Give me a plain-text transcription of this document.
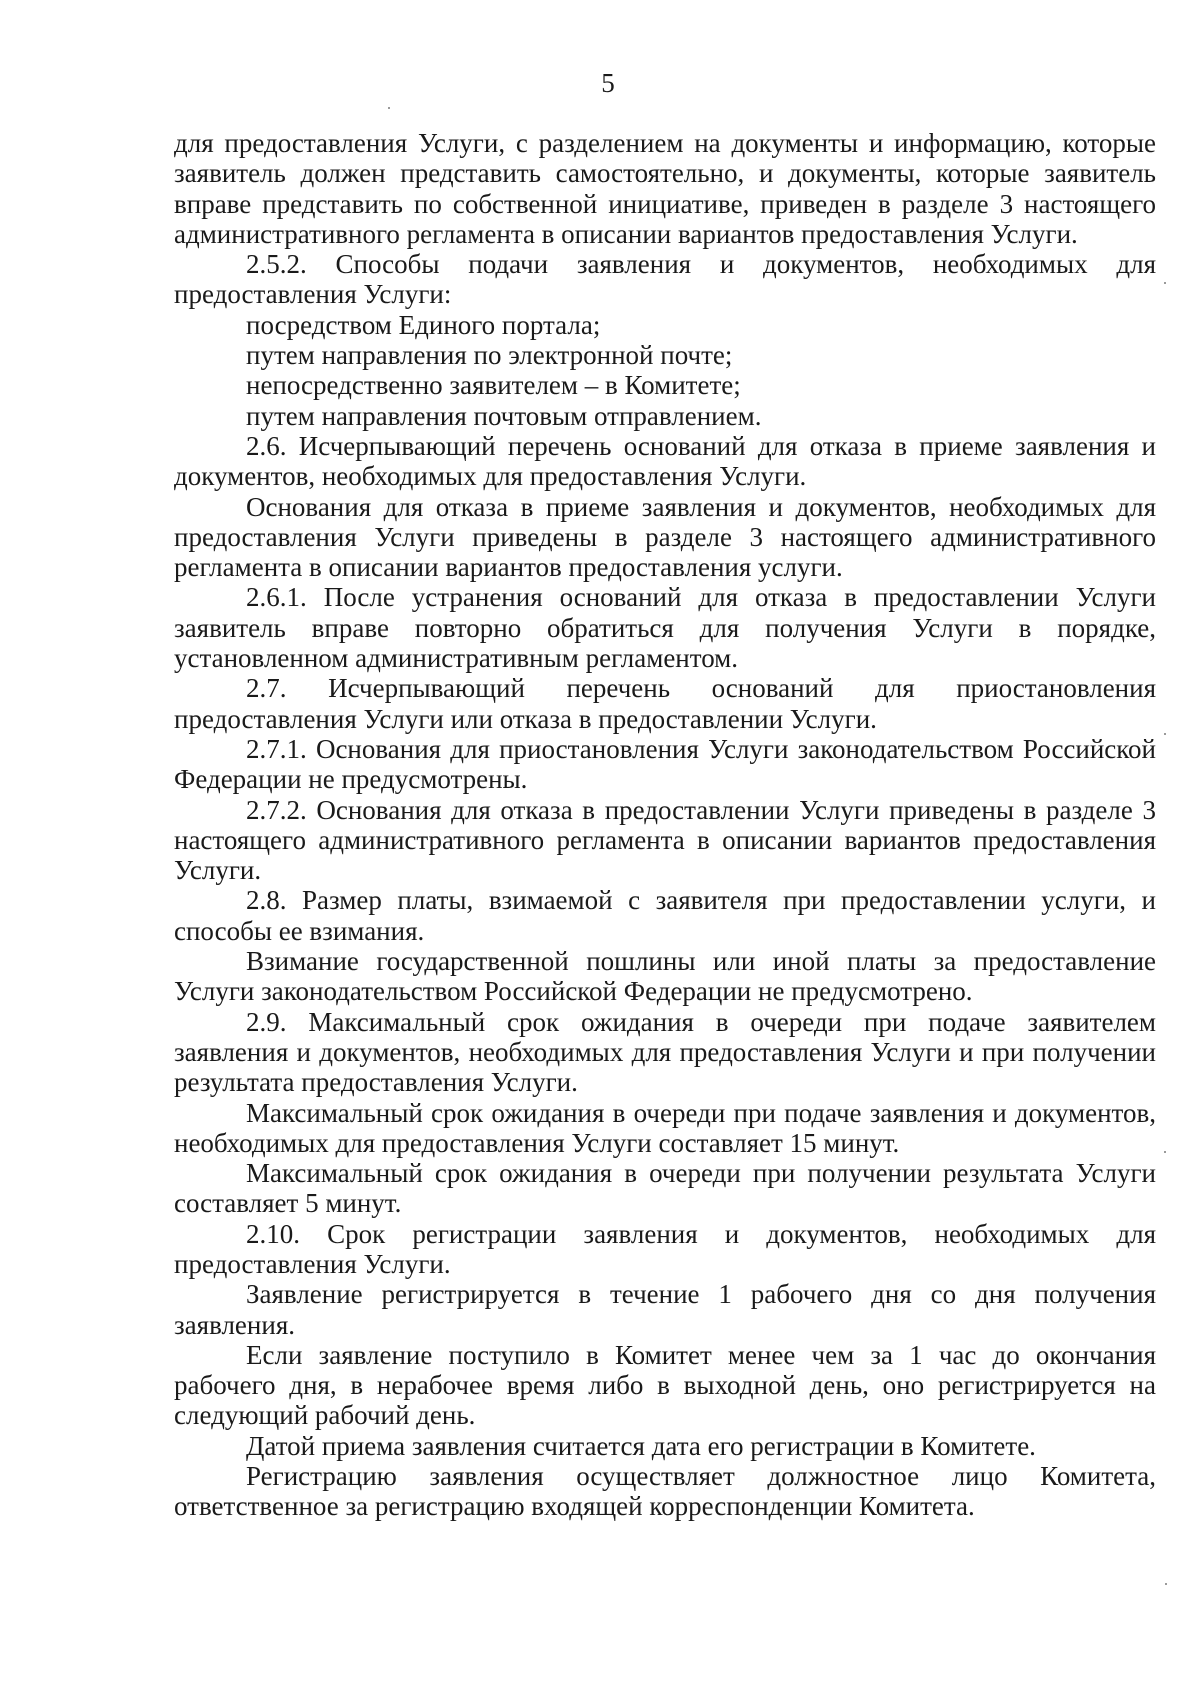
5

для предоставления Услуги, с разделением на документы и информацию, которые заявитель должен представить самостоятельно, и документы, которые заявитель вправе представить по собственной инициативе, приведен в разделе 3 настоящего административного регламента в описании вариантов предоставления Услуги.

2.5.2. Способы подачи заявления и документов, необходимых для предоставления Услуги:

посредством Единого портала;

путем направления по электронной почте;

непосредственно заявителем – в Комитете;

путем направления почтовым отправлением.

2.6. Исчерпывающий перечень оснований для отказа в приеме заявления и документов, необходимых для предоставления Услуги.

Основания для отказа в приеме заявления и документов, необходимых для предоставления Услуги приведены в разделе 3 настоящего административного регламента в описании вариантов предоставления услуги.

2.6.1. После устранения оснований для отказа в предоставлении Услуги заявитель вправе повторно обратиться для получения Услуги в порядке, установленном административным регламентом.

2.7. Исчерпывающий перечень оснований для приостановления предоставления Услуги или отказа в предоставлении Услуги.

2.7.1. Основания для приостановления Услуги законодательством Российской Федерации не предусмотрены.

2.7.2. Основания для отказа в предоставлении Услуги приведены в разделе 3 настоящего административного регламента в описании вариантов предоставления Услуги.

2.8. Размер платы, взимаемой с заявителя при предоставлении услуги, и способы ее взимания.

Взимание государственной пошлины или иной платы за предоставление Услуги законодательством Российской Федерации не предусмотрено.

2.9. Максимальный срок ожидания в очереди при подаче заявителем заявления и документов, необходимых для предоставления Услуги и при получении результата предоставления Услуги.

Максимальный срок ожидания в очереди при подаче заявления и документов, необходимых для предоставления Услуги составляет 15 минут.

Максимальный срок ожидания в очереди при получении результата Услуги составляет 5 минут.

2.10. Срок регистрации заявления и документов, необходимых для предоставления Услуги.

Заявление регистрируется в течение 1 рабочего дня со дня получения заявления.

Если заявление поступило в Комитет менее чем за 1 час до окончания рабочего дня, в нерабочее время либо в выходной день, оно регистрируется на следующий рабочий день.

Датой приема заявления считается дата его регистрации в Комитете.

Регистрацию заявления осуществляет должностное лицо Комитета, ответственное за регистрацию входящей корреспонденции Комитета.
